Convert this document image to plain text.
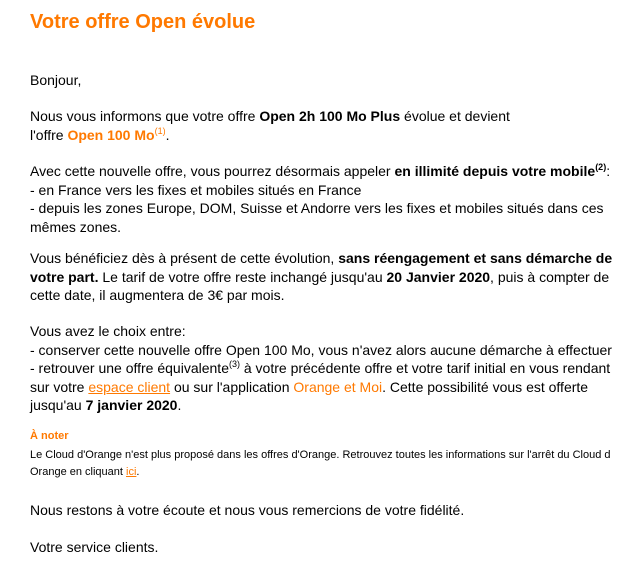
Votre offre Open évolue

Bonjour,

Nous vous informons que votre offre Open 2h 100 Mo Plus évolue et devient
l'offre Open 100 Mo$^{(1)}$.
Avec cette nouvelle offre, vous pourrez désormais appeler en illimité depuis votre mobile$^{(2)}$:
- en France vers les fixes et mobiles situés en France
- depuis les zones Europe, DOM, Suisse et Andorre vers les fixes et mobiles situés dans ces
mêmes zones.
Vous bénéficiez dès à présent de cette évolution, sans réengagement et sans démarche de
votre part. Le tarif de votre offre reste inchangé jusqu'au 20 Janvier 2020, puis à compter de
cette date, il augmentera de 3€ par mois.
Vous avez le choix entre:
- conserver cette nouvelle offre Open 100 Mo, vous n'avez alors aucune démarche à effectuer
- retrouver une offre équivalente$^{(3)}$ à votre précédente offre et votre tarif initial en vous rendant
sur votre espace client ou sur l'application Orange et Moi. Cette possibilité vous est offerte
jusqu'au 7 janvier 2020.

À noter

Le Cloud d'Orange n'est plus proposé dans les offres d'Orange. Retrouvez toutes les informations sur l'arrêt du Cloud d
Orange en cliquant ici.

Nous restons à votre écoute et nous vous remercions de votre fidélité.

Votre service clients.
